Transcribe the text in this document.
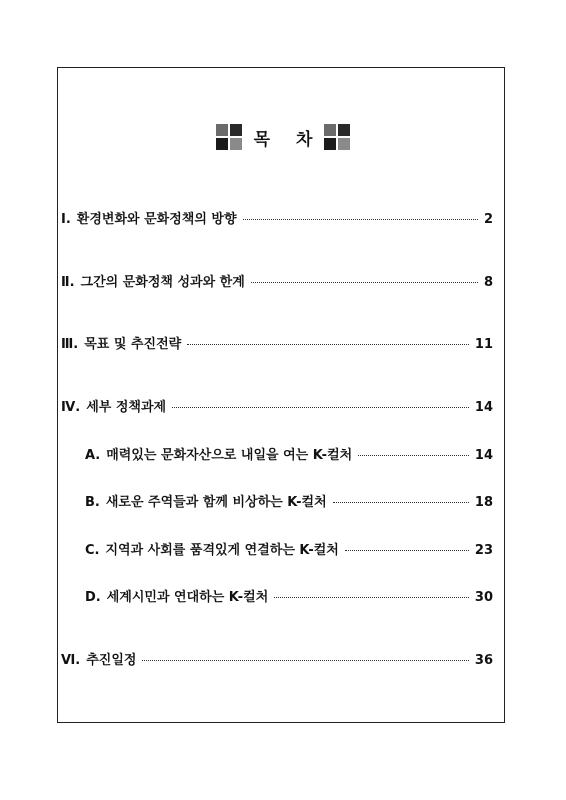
목 차
Ⅰ. 환경변화와 문화정책의 방향	2
Ⅱ. 그간의 문화정책 성과와 한계	8
Ⅲ. 목표 및 추진전략	11
Ⅳ. 세부 정책과제	14
A. 매력있는 문화자산으로 내일을 여는 K-컬처	14
B. 새로운 주역들과 함께 비상하는 K-컬처	18
C. 지역과 사회를 품격있게 연결하는 K-컬처	23
D. 세계시민과 연대하는 K-컬처	30
Ⅵ. 추진일정	36
